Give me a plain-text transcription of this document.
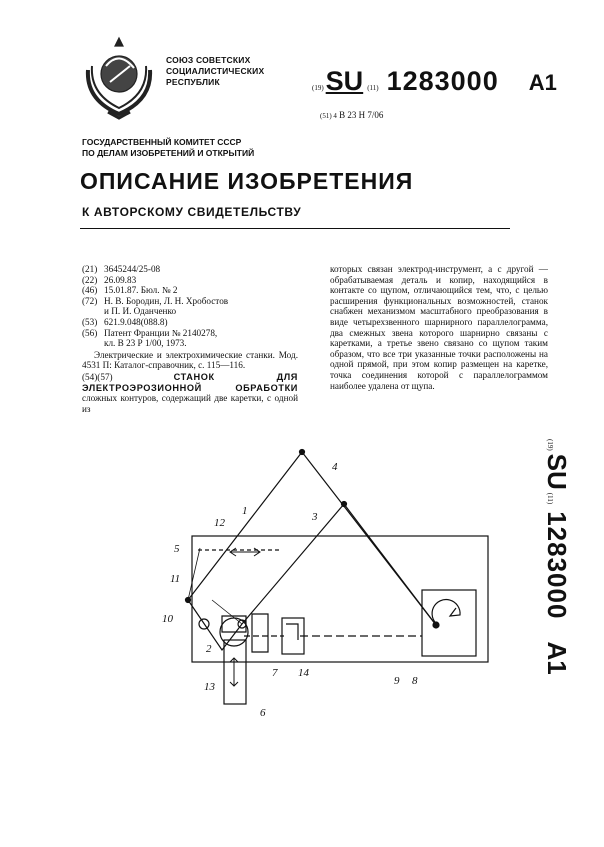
СОЮЗ СОВЕТСКИХ
СОЦИАЛИСТИЧЕСКИХ
РЕСПУБЛИК
(19) SU (11) 1283000 A1
(51) 4 В 23 Н 7/06
ГОСУДАРСТВЕННЫЙ КОМИТЕТ СССР
ПО ДЕЛАМ ИЗОБРЕТЕНИЙ И ОТКРЫТИЙ
ОПИСАНИЕ ИЗОБРЕТЕНИЯ
К АВТОРСКОМУ СВИДЕТЕЛЬСТВУ
(21) 3645244/25-08
(22) 26.09.83
(46) 15.01.87. Бюл. № 2
(72) Н. В. Бородин, Л. Н. Хробостов
и П. И. Оданченко
(53) 621.9.048(088.8)
(56) Патент Франции № 2140278,
кл. В 23 Р 1/00, 1973.
Электрические и электрохимические станки. Мод. 4531 П: Каталог-справочник, с. 115—116.
(54)(57)	СТАНОК ДЛЯ ЭЛЕКТРОЭРОЗИОННОЙ ОБРАБОТКИ сложных контуров, содержащий две каретки, с одной из
которых связан электрод-инструмент, а с другой — обрабатываемая деталь и копир, находящийся в контакте со щупом, отличающийся тем, что, с целью расширения функциональных возможностей, станок снабжен механизмом масштабного преобразования в виде четырехзвенного шарнирного параллелограмма, два смежных звена которого шарнирно связаны с каретками, а третье звено связано со щупом таким образом, что все три указанные точки расположены на одной прямой, при этом копир размещен на каретке, точка соединения которой с параллелограммом наиболее удалена от щупа.
(19)
SU
(11)
1283000
A1
1
2
3
4
5
6
7
8
9
10
11
12
13
14
